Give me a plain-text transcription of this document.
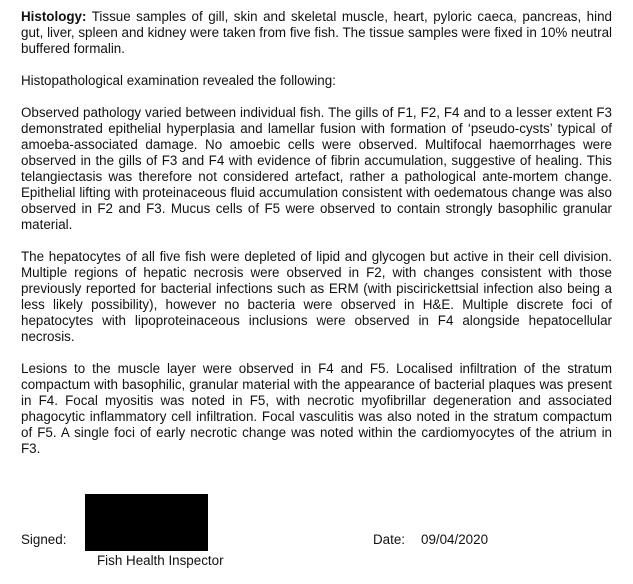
Histology: Tissue samples of gill, skin and skeletal muscle, heart, pyloric caeca, pancreas, hind gut, liver, spleen and kidney were taken from five fish. The tissue samples were fixed in 10% neutral buffered formalin.

Histopathological examination revealed the following:

Observed pathology varied between individual fish. The gills of F1, F2, F4 and to a lesser extent F3 demonstrated epithelial hyperplasia and lamellar fusion with formation of ‘pseudo-cysts’ typical of amoeba-associated damage. No amoebic cells were observed. Multifocal haemorrhages were observed in the gills of F3 and F4 with evidence of fibrin accumulation, suggestive of healing. This telangiectasis was therefore not considered artefact, rather a pathological ante-mortem change. Epithelial lifting with proteinaceous fluid accumulation consistent with oedematous change was also observed in F2 and F3. Mucus cells of F5 were observed to contain strongly basophilic granular material.

The hepatocytes of all five fish were depleted of lipid and glycogen but active in their cell division. Multiple regions of hepatic necrosis were observed in F2, with changes consistent with those previously reported for bacterial infections such as ERM (with piscirickettsial infection also being a less likely possibility), however no bacteria were observed in H&E. Multiple discrete foci of hepatocytes with lipoproteinaceous inclusions were observed in F4 alongside hepatocellular necrosis.

Lesions to the muscle layer were observed in F4 and F5. Localised infiltration of the stratum compactum with basophilic, granular material with the appearance of bacterial plaques was present in F4. Focal myositis was noted in F5, with necrotic myofibrillar degeneration and associated phagocytic inflammatory cell infiltration. Focal vasculitis was also noted in the stratum compactum of F5. A single foci of early necrotic change was noted within the cardiomyocytes of the atrium in F3.

Signed:
Fish Health Inspector
Date: 09/04/2020
